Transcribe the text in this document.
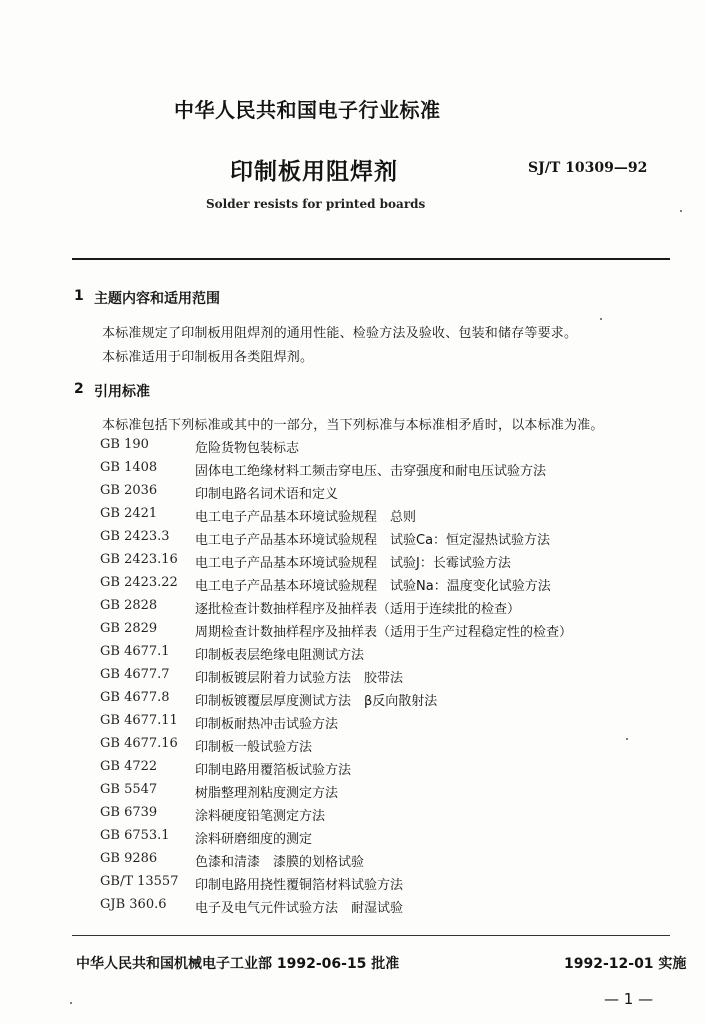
中华人民共和国电子行业标准
印制板用阻焊剂	SJ/T 10309—92
Solder resists for printed boards
1 主题内容和适用范围
本标准规定了印制板用阻焊剂的通用性能、检验方法及验收、包装和储存等要求。
本标准适用于印制板用各类阻焊剂。
2 引用标准
本标准包括下列标准或其中的一部分，当下列标准与本标准相矛盾时，以本标准为准。
GB 190	危险货物包装标志
GB 1408	固体电工绝缘材料工频击穿电压、击穿强度和耐电压试验方法
GB 2036	印制电路名词术语和定义
GB 2421	电工电子产品基本环境试验规程　总则
GB 2423.3 电工电子产品基本环境试验规程　试验Ca：恒定湿热试验方法
GB 2423.16 电工电子产品基本环境试验规程　试验J：长霉试验方法
GB 2423.22 电工电子产品基本环境试验规程　试验Na：温度变化试验方法
GB 2828	逐批检查计数抽样程序及抽样表（适用于连续批的检查）
GB 2829	周期检查计数抽样程序及抽样表（适用于生产过程稳定性的检查）
GB 4677.1 印制板表层绝缘电阻测试方法
GB 4677.7 印制板镀层附着力试验方法　胶带法
GB 4677.8 印制板镀覆层厚度测试方法　β反向散射法
GB 4677.11 印制板耐热冲击试验方法
GB 4677.16 印制板一般试验方法
GB 4722	印制电路用覆箔板试验方法
GB 5547	树脂整理剂粘度测定方法
GB 6739	涂料硬度铅笔测定方法
GB 6753.1 涂料研磨细度的测定
GB 9286	色漆和清漆　漆膜的划格试验
GB/T 13557 印制电路用挠性覆铜箔材料试验方法
GJB 360.6 电子及电气元件试验方法　耐湿试验
中华人民共和国机械电子工业部 1992-06-15 批准	1992-12-01 实施
— 1 —
